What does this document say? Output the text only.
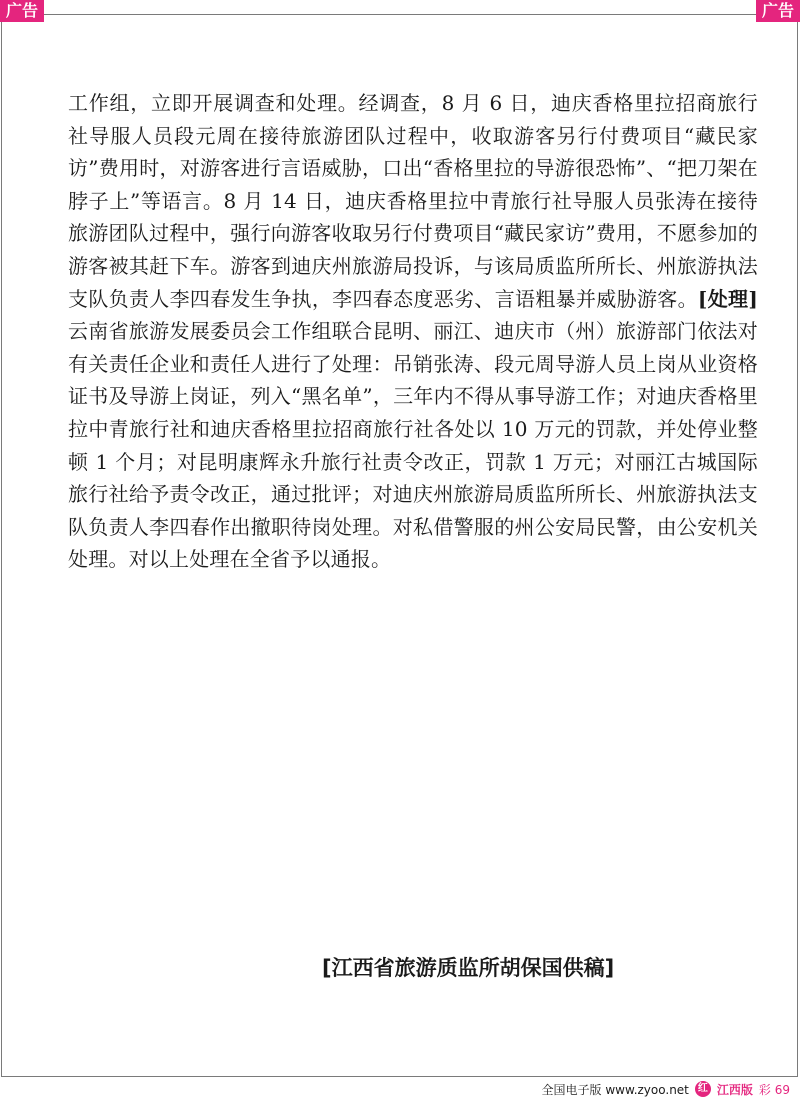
广告	广告

工作组，立即开展调查和处理。经调查，8 月 6 日，迪庆香格里拉招商旅行社导服人员段元周在接待旅游团队过程中，收取游客另行付费项目“藏民家访”费用时，对游客进行言语威胁，口出“香格里拉的导游很恐怖”、“把刀架在脖子上”等语言。8 月 14 日，迪庆香格里拉中青旅行社导服人员张涛在接待旅游团队过程中，强行向游客收取另行付费项目“藏民家访”费用，不愿参加的游客被其赶下车。游客到迪庆州旅游局投诉，与该局质监所所长、州旅游执法支队负责人李四春发生争执，李四春态度恶劣、言语粗暴并威胁游客。[处理]云南省旅游发展委员会工作组联合昆明、丽江、迪庆市（州）旅游部门依法对有关责任企业和责任人进行了处理：吊销张涛、段元周导游人员上岗从业资格证书及导游上岗证，列入“黑名单”，三年内不得从事导游工作；对迪庆香格里拉中青旅行社和迪庆香格里拉招商旅行社各处以 10 万元的罚款，并处停业整顿 1 个月；对昆明康辉永升旅行社责令改正，罚款 1 万元；对丽江古城国际旅行社给予责令改正，通过批评；对迪庆州旅游局质监所所长、州旅游执法支队负责人李四春作出撤职待岗处理。对私借警服的州公安局民警，由公安机关处理。对以上处理在全省予以通报。

[江西省旅游质监所胡保国供稿]

全国电子版 www.zyoo.net 红 江西版 彩 69
